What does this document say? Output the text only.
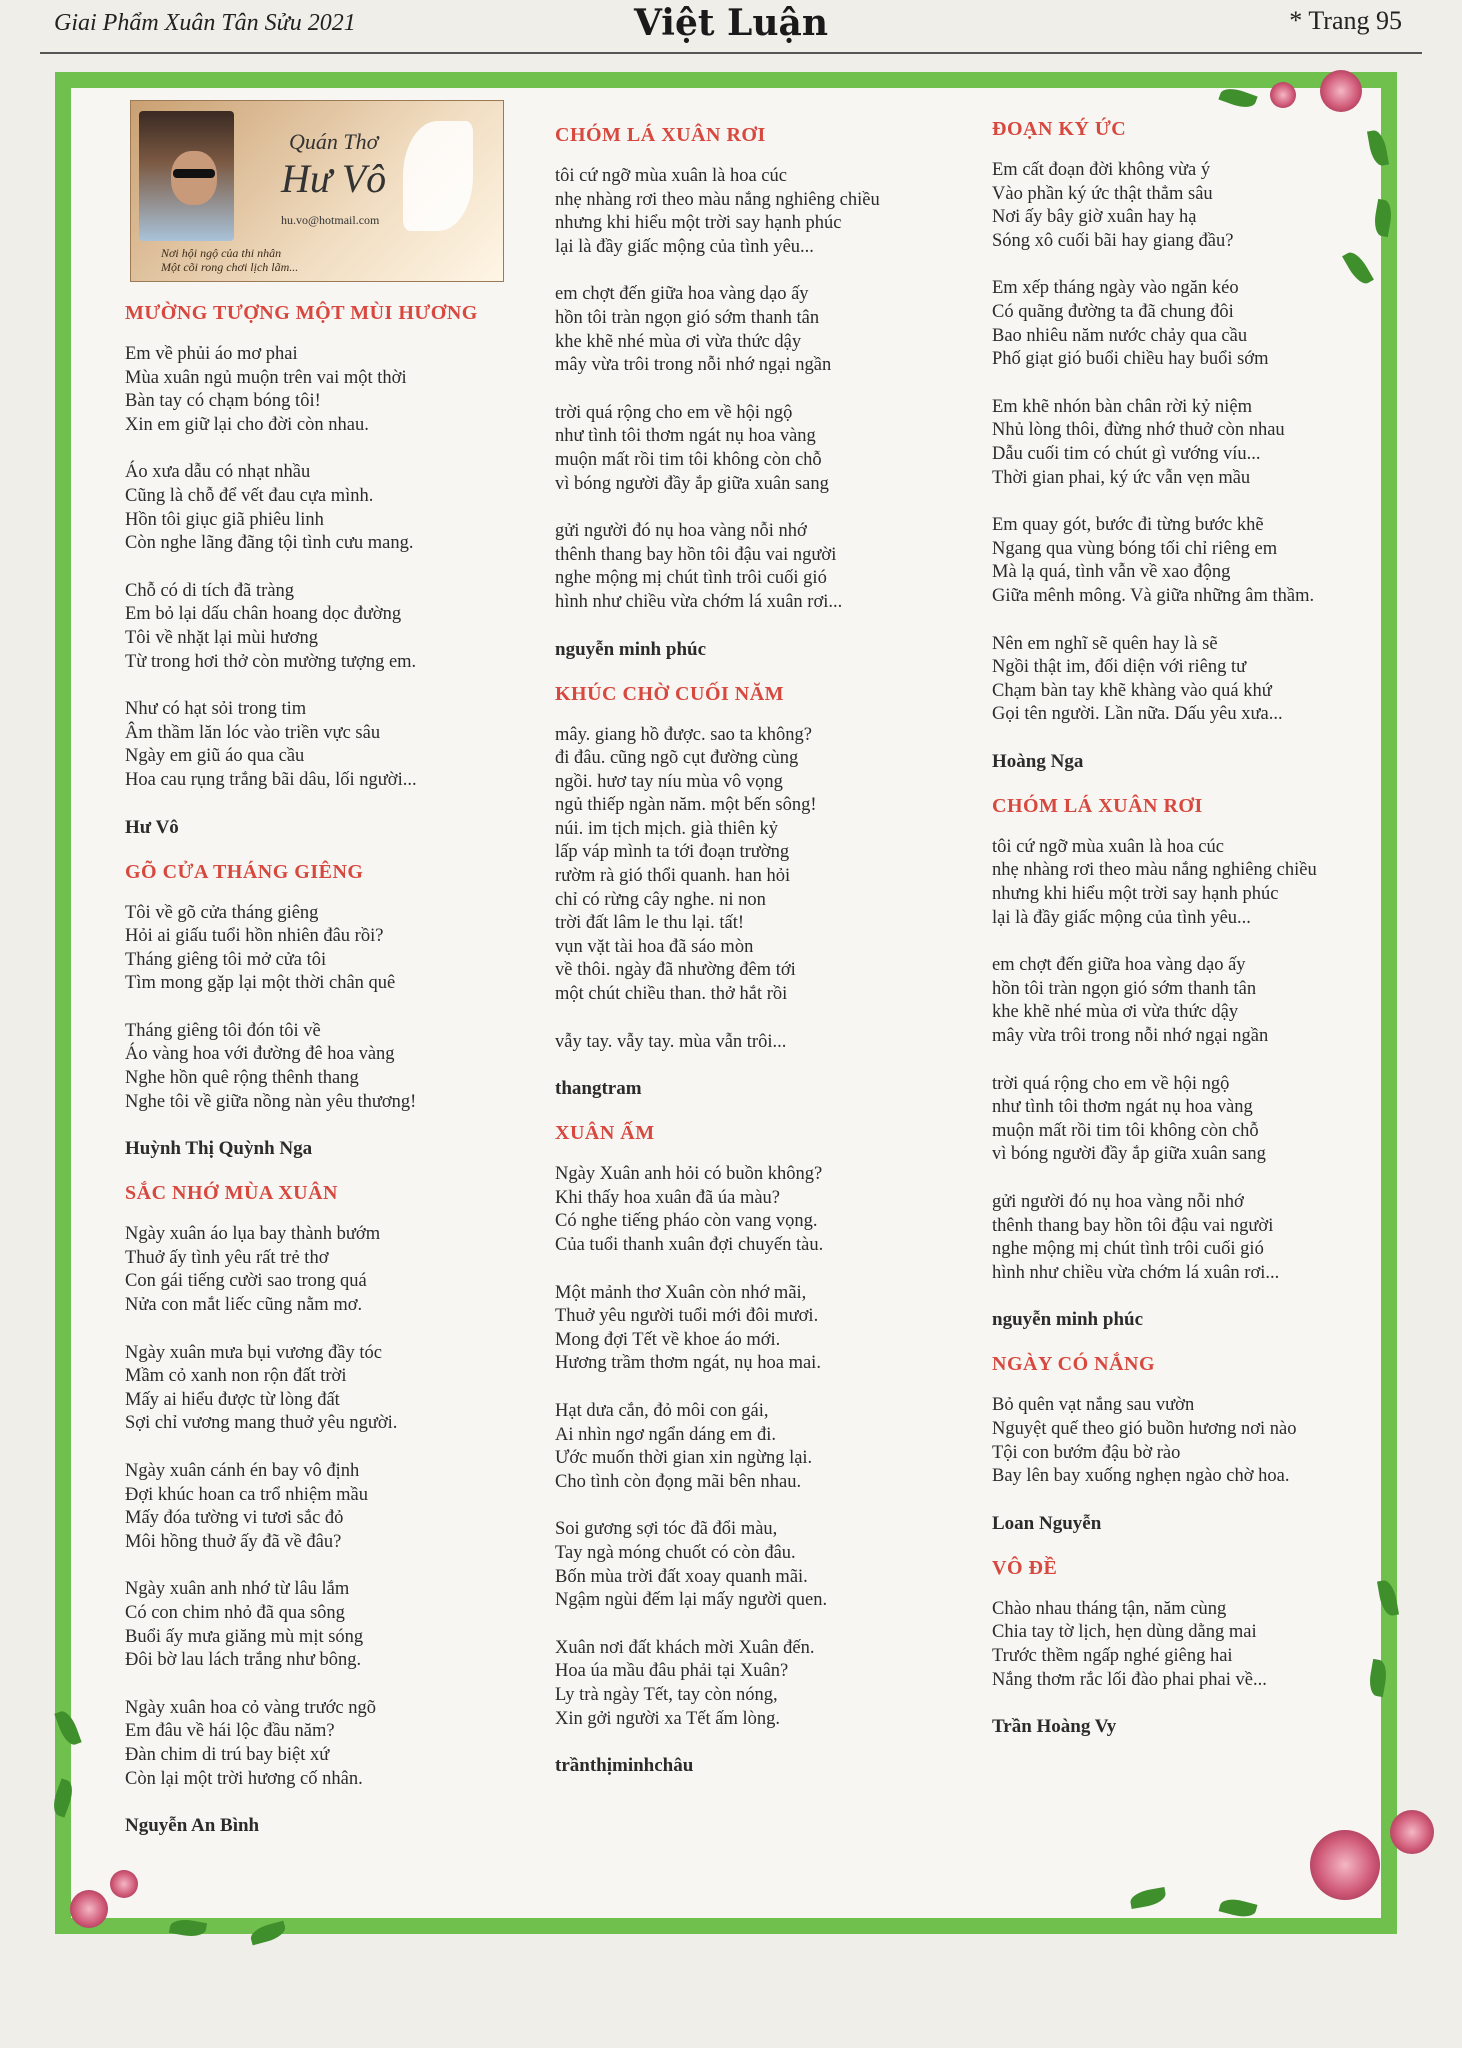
Giai Phẩm Xuân Tân Sửu 2021	Việt Luận	* Trang 95
Quán Thơ
Hư Vô
hu.vo@hotmail.com
Nơi hội ngộ của thi nhân
Một cõi rong chơi lịch lãm...
MƯỜNG TƯỢNG MỘT MÙI HƯƠNG
Em về phủi áo mơ phai
Mùa xuân ngủ muộn trên vai một thời
Bàn tay có chạm bóng tôi!
Xin em giữ lại cho đời còn nhau.
Áo xưa dẫu có nhạt nhầu
Cũng là chỗ để vết đau cựa mình.
Hồn tôi giục giã phiêu linh
Còn nghe lãng đãng tội tình cưu mang.
Chỗ có di tích đã tràng
Em bỏ lại dấu chân hoang dọc đường
Tôi về nhặt lại mùi hương
Từ trong hơi thở còn mường tượng em.
Như có hạt sỏi trong tim
Âm thầm lăn lóc vào triền vực sâu
Ngày em giũ áo qua cầu
Hoa cau rụng trắng bãi dâu, lối người...
Hư Vô
GÕ CỬA THÁNG GIÊNG
Tôi về gõ cửa tháng giêng
Hỏi ai giấu tuổi hồn nhiên đâu rồi?
Tháng giêng tôi mở cửa tôi
Tìm mong gặp lại một thời chân quê
Tháng giêng tôi đón tôi về
Áo vàng hoa với đường đê hoa vàng
Nghe hồn quê rộng thênh thang
Nghe tôi về giữa nồng nàn yêu thương!
Huỳnh Thị Quỳnh Nga
SẮC NHỚ MÙA XUÂN
Ngày xuân áo lụa bay thành bướm
Thuở ấy tình yêu rất trẻ thơ
Con gái tiếng cười sao trong quá
Nửa con mắt liếc cũng nằm mơ.
Ngày xuân mưa bụi vương đầy tóc
Mầm cỏ xanh non rộn đất trời
Mấy ai hiểu được từ lòng đất
Sợi chỉ vương mang thuở yêu người.
Ngày xuân cánh én bay vô định
Đợi khúc hoan ca trổ nhiệm mầu
Mấy đóa tường vi tươi sắc đỏ
Môi hồng thuở ấy đã về đâu?
Ngày xuân anh nhớ từ lâu lắm
Có con chim nhỏ đã qua sông
Buổi ấy mưa giăng mù mịt sóng
Đôi bờ lau lách trắng như bông.
Ngày xuân hoa cỏ vàng trước ngõ
Em đâu về hái lộc đầu năm?
Đàn chim di trú bay biệt xứ
Còn lại một trời hương cố nhân.
Nguyễn An Bình
CHÓM LÁ XUÂN RƠI
tôi cứ ngỡ mùa xuân là hoa cúc
nhẹ nhàng rơi theo màu nắng nghiêng chiều
nhưng khi hiểu một trời say hạnh phúc
lại là đầy giấc mộng của tình yêu...
em chợt đến giữa hoa vàng dạo ấy
hồn tôi tràn ngọn gió sớm thanh tân
khe khẽ nhé mùa ơi vừa thức dậy
mây vừa trôi trong nỗi nhớ ngại ngần
trời quá rộng cho em về hội ngộ
như tình tôi thơm ngát nụ hoa vàng
muộn mất rồi tim tôi không còn chỗ
vì bóng người đầy ắp giữa xuân sang
gửi người đó nụ hoa vàng nỗi nhớ
thênh thang bay hồn tôi đậu vai người
nghe mộng mị chút tình trôi cuối gió
hình như chiều vừa chớm lá xuân rơi...
nguyễn minh phúc
KHÚC CHỜ CUỐI NĂM
mây. giang hồ được. sao ta không?
đi đâu. cũng ngõ cụt đường cùng
ngồi. hươ tay níu mùa vô vọng
ngủ thiếp ngàn năm. một bến sông!
núi. im tịch mịch. già thiên kỷ
lấp váp mình ta tới đoạn trường
rườm rà gió thổi quanh. han hỏi
chỉ có rừng cây nghe. ni non
trời đất lâm le thu lại. tất!
vụn vặt tài hoa đã sáo mòn
về thôi. ngày đã nhường đêm tới
một chút chiều than. thở hắt rồi
vẫy tay. vẫy tay. mùa vẫn trôi...
thangtram
XUÂN ẤM
Ngày Xuân anh hỏi có buồn không?
Khi thấy hoa xuân đã úa màu?
Có nghe tiếng pháo còn vang vọng.
Của tuổi thanh xuân đợi chuyến tàu.
Một mảnh thơ Xuân còn nhớ mãi,
Thuở yêu người tuổi mới đôi mươi.
Mong đợi Tết về khoe áo mới.
Hương trầm thơm ngát, nụ hoa mai.
Hạt dưa cắn, đỏ môi con gái,
Ai nhìn ngơ ngẩn dáng em đi.
Ước muốn thời gian xin ngừng lại.
Cho tình còn đọng mãi bên nhau.
Soi gương sợi tóc đã đổi màu,
Tay ngà móng chuốt có còn đâu.
Bốn mùa trời đất xoay quanh mãi.
Ngậm ngùi đếm lại mấy người quen.
Xuân nơi đất khách mời Xuân đến.
Hoa úa mầu đâu phải tại Xuân?
Ly trà ngày Tết, tay còn nóng,
Xin gởi người xa Tết ấm lòng.
trầnthịminhchâu
ĐOẠN KÝ ỨC
Em cất đoạn đời không vừa ý
Vào phần ký ức thật thẳm sâu
Nơi ấy bây giờ xuân hay hạ
Sóng xô cuối bãi hay giang đầu?
Em xếp tháng ngày vào ngăn kéo
Có quãng đường ta đã chung đôi
Bao nhiêu năm nước chảy qua cầu
Phố giạt gió buổi chiều hay buổi sớm
Em khẽ nhón bàn chân rời kỷ niệm
Nhủ lòng thôi, đừng nhớ thuở còn nhau
Dẫu cuối tim có chút gì vướng víu...
Thời gian phai, ký ức vẫn vẹn mầu
Em quay gót, bước đi từng bước khẽ
Ngang qua vùng bóng tối chỉ riêng em
Mà lạ quá, tình vẫn về xao động
Giữa mênh mông. Và giữa những âm thầm.
Nên em nghĩ sẽ quên hay là sẽ
Ngồi thật im, đối diện với riêng tư
Chạm bàn tay khẽ khàng vào quá khứ
Gọi tên người. Lần nữa. Dấu yêu xưa...
Hoàng Nga
CHÓM LÁ XUÂN RƠI
tôi cứ ngỡ mùa xuân là hoa cúc
nhẹ nhàng rơi theo màu nắng nghiêng chiều
nhưng khi hiểu một trời say hạnh phúc
lại là đầy giấc mộng của tình yêu...
em chợt đến giữa hoa vàng dạo ấy
hồn tôi tràn ngọn gió sớm thanh tân
khe khẽ nhé mùa ơi vừa thức dậy
mây vừa trôi trong nỗi nhớ ngại ngần
trời quá rộng cho em về hội ngộ
như tình tôi thơm ngát nụ hoa vàng
muộn mất rồi tim tôi không còn chỗ
vì bóng người đầy ắp giữa xuân sang
gửi người đó nụ hoa vàng nỗi nhớ
thênh thang bay hồn tôi đậu vai người
nghe mộng mị chút tình trôi cuối gió
hình như chiều vừa chớm lá xuân rơi...
nguyễn minh phúc
NGÀY CÓ NẮNG
Bỏ quên vạt nắng sau vườn
Nguyệt quế theo gió buồn hương nơi nào
Tội con bướm đậu bờ rào
Bay lên bay xuống nghẹn ngào chờ hoa.
Loan Nguyễn
VÔ ĐỀ
Chào nhau tháng tận, năm cùng
Chia tay tờ lịch, hẹn dùng dằng mai
Trước thềm ngấp nghé giêng hai
Nắng thơm rắc lối đào phai phai về...
Trần Hoàng Vy
